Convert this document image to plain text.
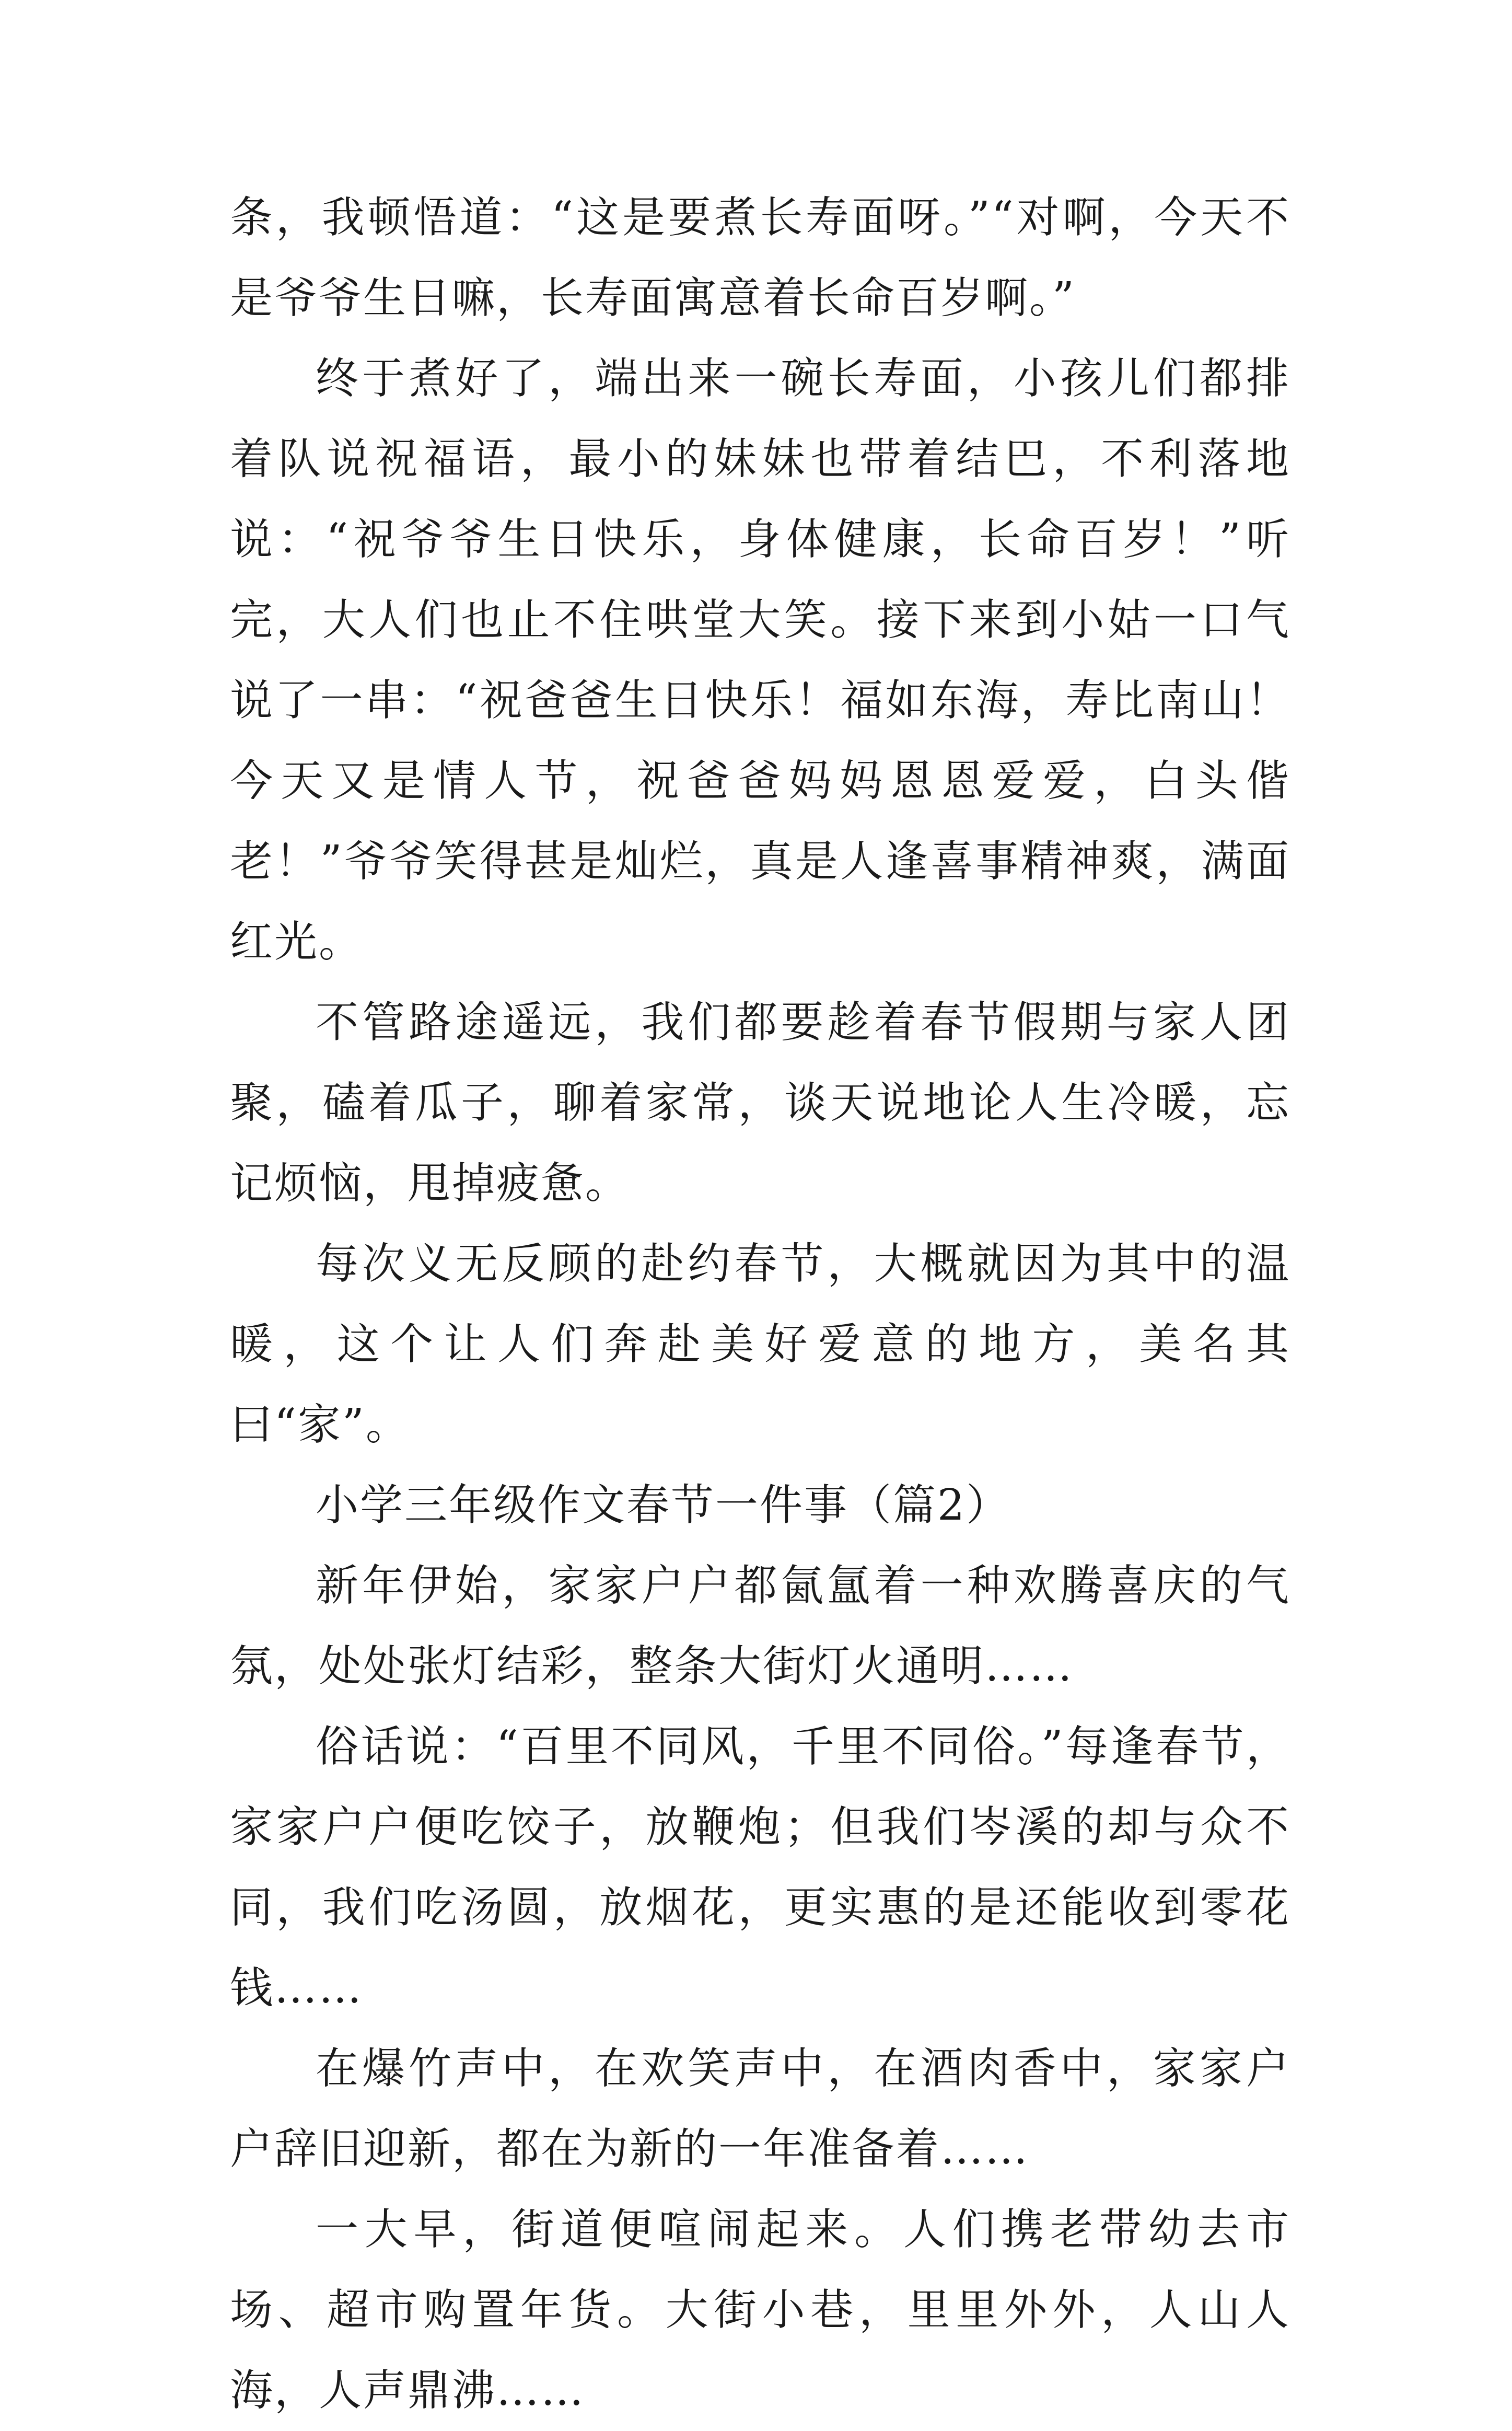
条，我顿悟道：“这是要煮长寿面呀。”“对啊，今天不是爷爷生日嘛，长寿面寓意着长命百岁啊。”

终于煮好了，端出来一碗长寿面，小孩儿们都排着队说祝福语，最小的妹妹也带着结巴，不利落地说：“祝爷爷生日快乐，身体健康，长命百岁！”听完，大人们也止不住哄堂大笑。接下来到小姑一口气说了一串：“祝爸爸生日快乐！福如东海，寿比南山！今天又是情人节，祝爸爸妈妈恩恩爱爱，白头偕老！”爷爷笑得甚是灿烂，真是人逢喜事精神爽，满面红光。

不管路途遥远，我们都要趁着春节假期与家人团聚，磕着瓜子，聊着家常，谈天说地论人生冷暖，忘记烦恼，甩掉疲惫。

每次义无反顾的赴约春节，大概就因为其中的温暖，这个让人们奔赴美好爱意的地方，美名其曰“家”。

小学三年级作文春节一件事（篇2）

新年伊始，家家户户都氤氲着一种欢腾喜庆的气氛，处处张灯结彩，整条大街灯火通明……

俗话说：“百里不同风，千里不同俗。”每逢春节，家家户户便吃饺子，放鞭炮；但我们岑溪的却与众不同，我们吃汤圆，放烟花，更实惠的是还能收到零花钱……

在爆竹声中，在欢笑声中，在酒肉香中，家家户户辞旧迎新，都在为新的一年准备着……

一大早，街道便喧闹起来。人们携老带幼去市场、超市购置年货。大街小巷，里里外外，人山人海，人声鼎沸……
